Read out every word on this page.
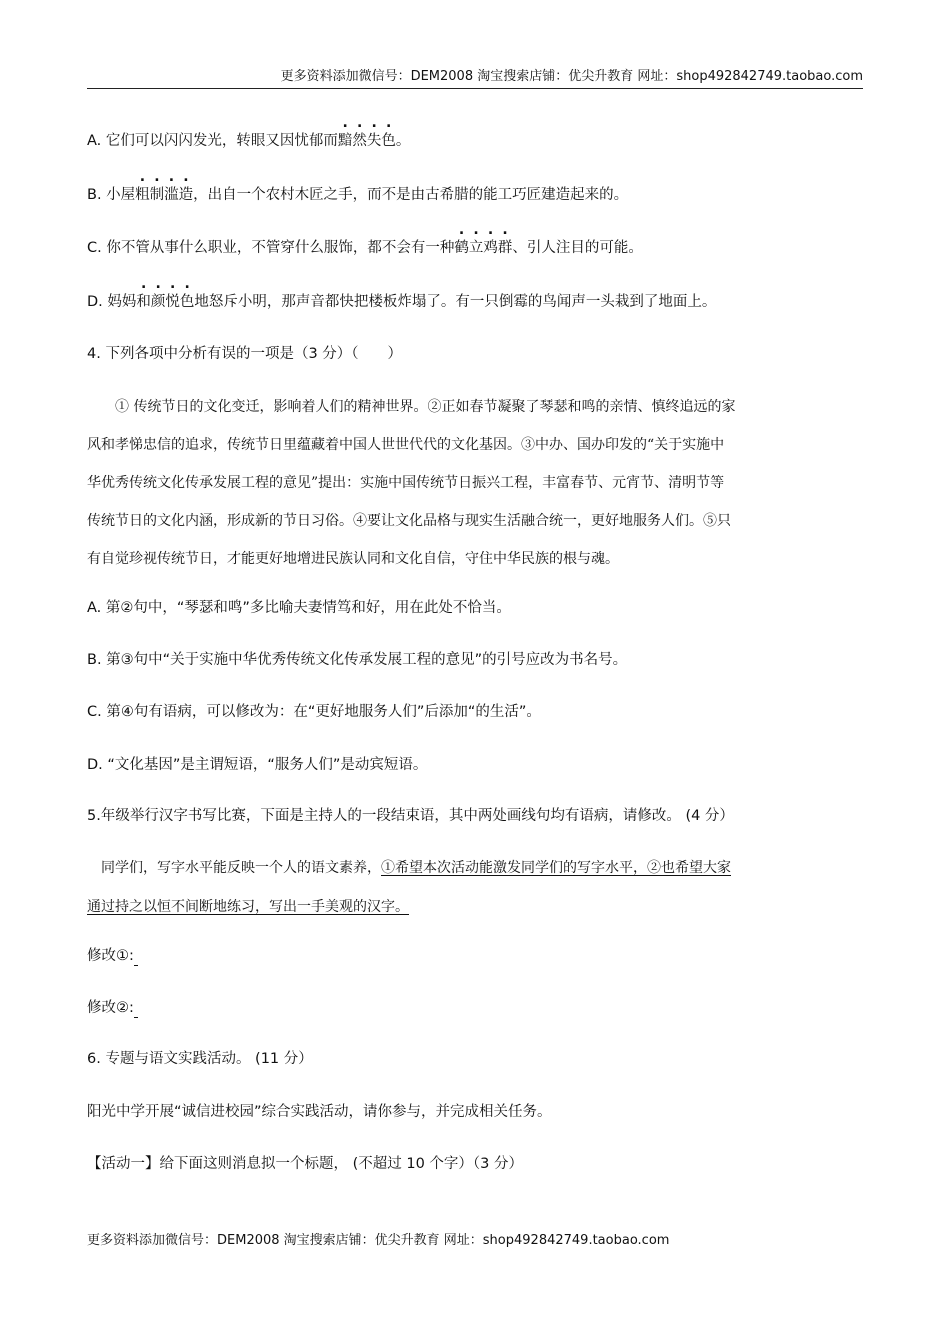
更多资料添加微信号：DEM2008 淘宝搜索店铺：优尖升教育 网址：shop492842749.taobao.com
A. 它们可以闪闪发光，转眼又因忧郁而黯然失色。
B. 小屋粗制滥造，出自一个农村木匠之手，而不是由古希腊的能工巧匠建造起来的。
C. 你不管从事什么职业，不管穿什么服饰，都不会有一种鹤立鸡群、引人注目的可能。
D. 妈妈和颜悦色地怒斥小明，那声音都快把楼板炸塌了。有一只倒霉的鸟闻声一头栽到了地面上。
4. 下列各项中分析有误的一项是（3 分）（　　）
　　① 传统节日的文化变迁，影响着人们的精神世界。②正如春节凝聚了琴瑟和鸣的亲情、慎终追远的家
风和孝悌忠信的追求，传统节日里蕴藏着中国人世世代代的文化基因。③中办、国办印发的“关于实施中
华优秀传统文化传承发展工程的意见”提出：实施中国传统节日振兴工程，丰富春节、元宵节、清明节等
传统节日的文化内涵，形成新的节日习俗。④要让文化品格与现实生活融合统一，更好地服务人们。⑤只
有自觉珍视传统节日，才能更好地增进民族认同和文化自信，守住中华民族的根与魂。
A. 第②句中，“琴瑟和鸣”多比喻夫妻情笃和好，用在此处不恰当。
B. 第③句中“关于实施中华优秀传统文化传承发展工程的意见”的引号应改为书名号。
C. 第④句有语病，可以修改为：在“更好地服务人们”后添加“的生活”。
D. “文化基因”是主谓短语，“服务人们”是动宾短语。
5.年级举行汉字书写比赛，下面是主持人的一段结束语，其中两处画线句均有语病，请修改。 (4 分）
　同学们，写字水平能反映一个人的语文素养，①希望本次活动能激发同学们的写字水平，②也希望大家
通过持之以恒不间断地练习，写出一手美观的汉字。
修改①:
修改②:
6. 专题与语文实践活动。 (11 分）
阳光中学开展“诚信进校园”综合实践活动，请你参与，并完成相关任务。
【活动一】给下面这则消息拟一个标题， (不超过 10 个字）（3 分）
更多资料添加微信号：DEM2008 淘宝搜索店铺：优尖升教育 网址：shop492842749.taobao.com
